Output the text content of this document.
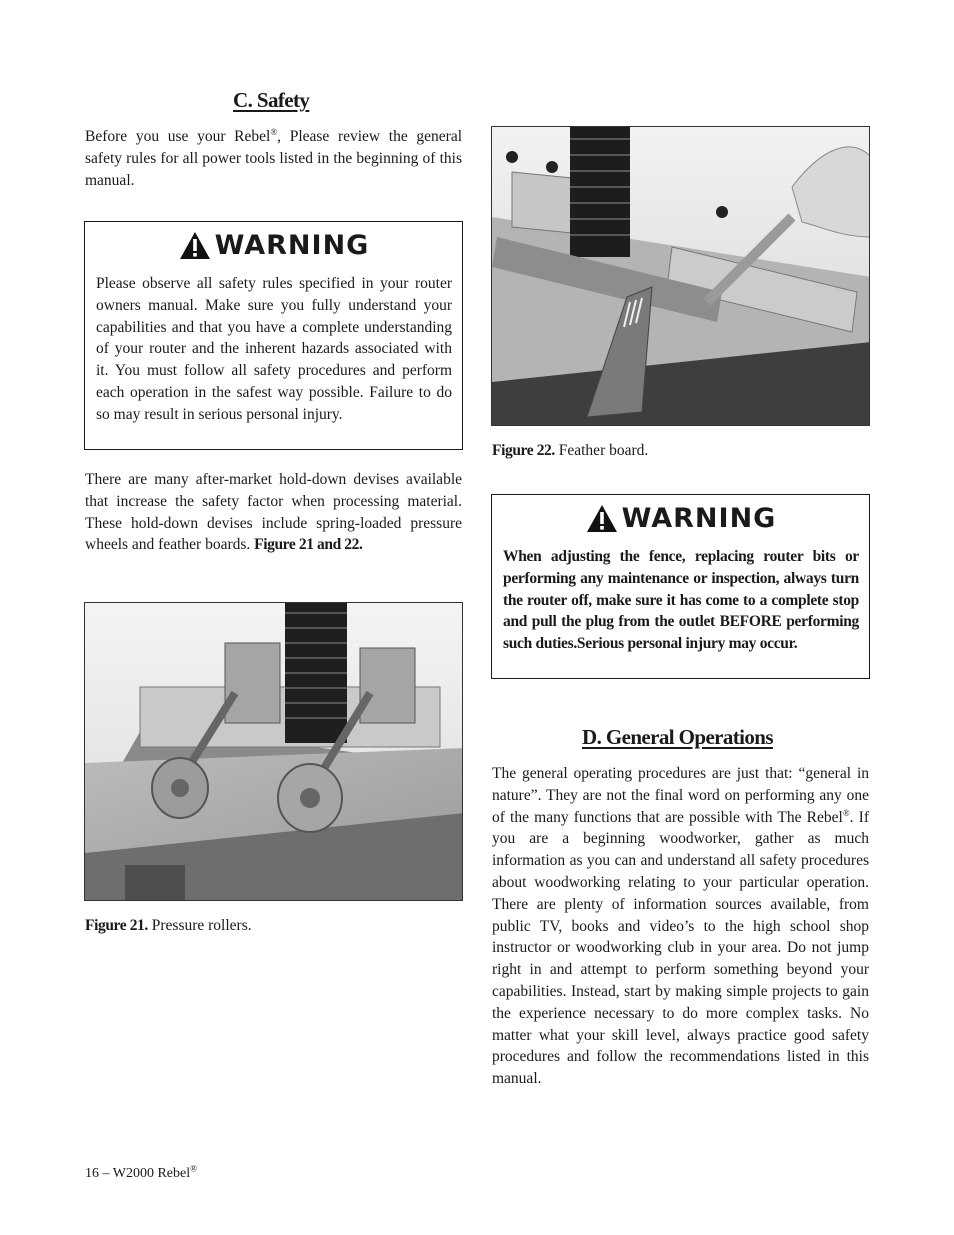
C. Safety

Before you use your Rebel®, Please review the general safety rules for all power tools listed in the beginning of this manual.

WARNING

Please observe all safety rules specified in your router owners manual. Make sure you fully understand your capabilities and that you have a complete understanding of your router and the inherent hazards associated with it. You must follow all safety procedures and perform each operation in the safest way possible. Failure to do so may result in serious personal injury.

There are many after-market hold-down devises available that increase the safety factor when processing material. These hold-down devises include spring-loaded pressure wheels and feather boards. Figure 21 and 22.

Figure 21. Pressure rollers.
Figure 22. Feather board.
WARNING

When adjusting the fence, replacing router bits or performing any maintenance or inspection, always turn the router off, make sure it has come to a complete stop and pull the plug from the outlet BEFORE performing such duties.Serious personal injury may occur.

D. General Operations

The general operating procedures are just that: “general in nature”. They are not the final word on performing any one of the many functions that are possible with The Rebel®. If you are a beginning woodworker, gather as much information as you can and understand all safety procedures about woodworking relating to your particular operation. There are plenty of information sources available, from public TV, books and video’s to the high school shop instructor or woodworking club in your area. Do not jump right in and attempt to perform something beyond your capabilities. Instead, start by making simple projects to gain the experience necessary to do more complex tasks. No matter what your skill level, always practice good safety procedures and follow the recommendations listed in this manual.

16 – W2000 Rebel®
